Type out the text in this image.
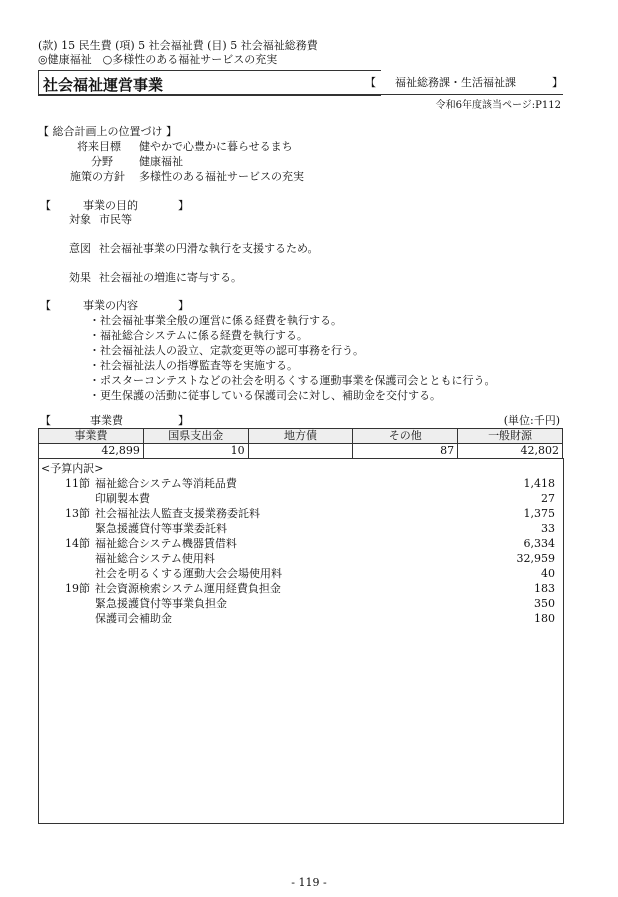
(款) 15 民生費 (項) 5 社会福祉費 (目) 5 社会福祉総務費
◎健康福祉　○多様性のある福祉サービスの充実
社会福祉運営事業	【 福祉総務課・生活福祉課	】
令和6年度該当ページ:P112
【 総合計画上の位置づけ 】
将来目標 健やかで心豊かに暮らせるまち
分野 健康福祉
施策の方針 多様性のある福祉サービスの充実
【	事業の目的	】
対象 市民等
意図 社会福祉事業の円滑な執行を支援するため。
効果 社会福祉の増進に寄与する。
【	事業の内容	】
・社会福祉事業全般の運営に係る経費を執行する。
・福祉総合システムに係る経費を執行する。
・社会福祉法人の設立、定款変更等の認可事務を行う。
・社会福祉法人の指導監査等を実施する。
・ポスターコンテストなどの社会を明るくする運動事業を保護司会とともに行う。
・更生保護の活動に従事している保護司会に対し、補助金を交付する。
【	事業費	】	(単位:千円)
事業費	国県支出金	地方債	その他	一般財源
42,899	10		87	42,802
<予算内訳>
11節 福祉総合システム等消耗品費	1,418
印刷製本費	27
13節 社会福祉法人監査支援業務委託料	1,375
緊急援護貸付等事業委託料	33
14節 福祉総合システム機器賃借料	6,334
福祉総合システム使用料	32,959
社会を明るくする運動大会会場使用料	40
19節 社会資源検索システム運用経費負担金	183
緊急援護貸付等事業負担金	350
保護司会補助金	180
- 119 -
